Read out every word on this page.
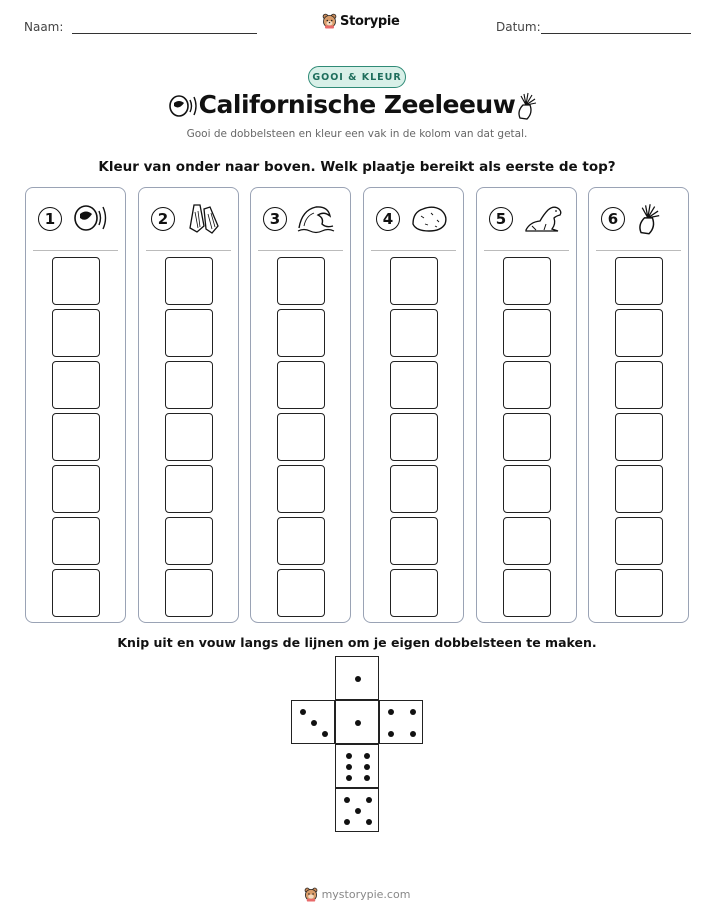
Naam:	Storypie	Datum:
GOOI & KLEUR
Californische Zeeleeuw
Gooi de dobbelsteen en kleur een vak in de kolom van dat getal.
Kleur van onder naar boven. Welk plaatje bereikt als eerste de top?
1	2	3	4	5	6
Knip uit en vouw langs de lijnen om je eigen dobbelsteen te maken.
mystorypie.com
